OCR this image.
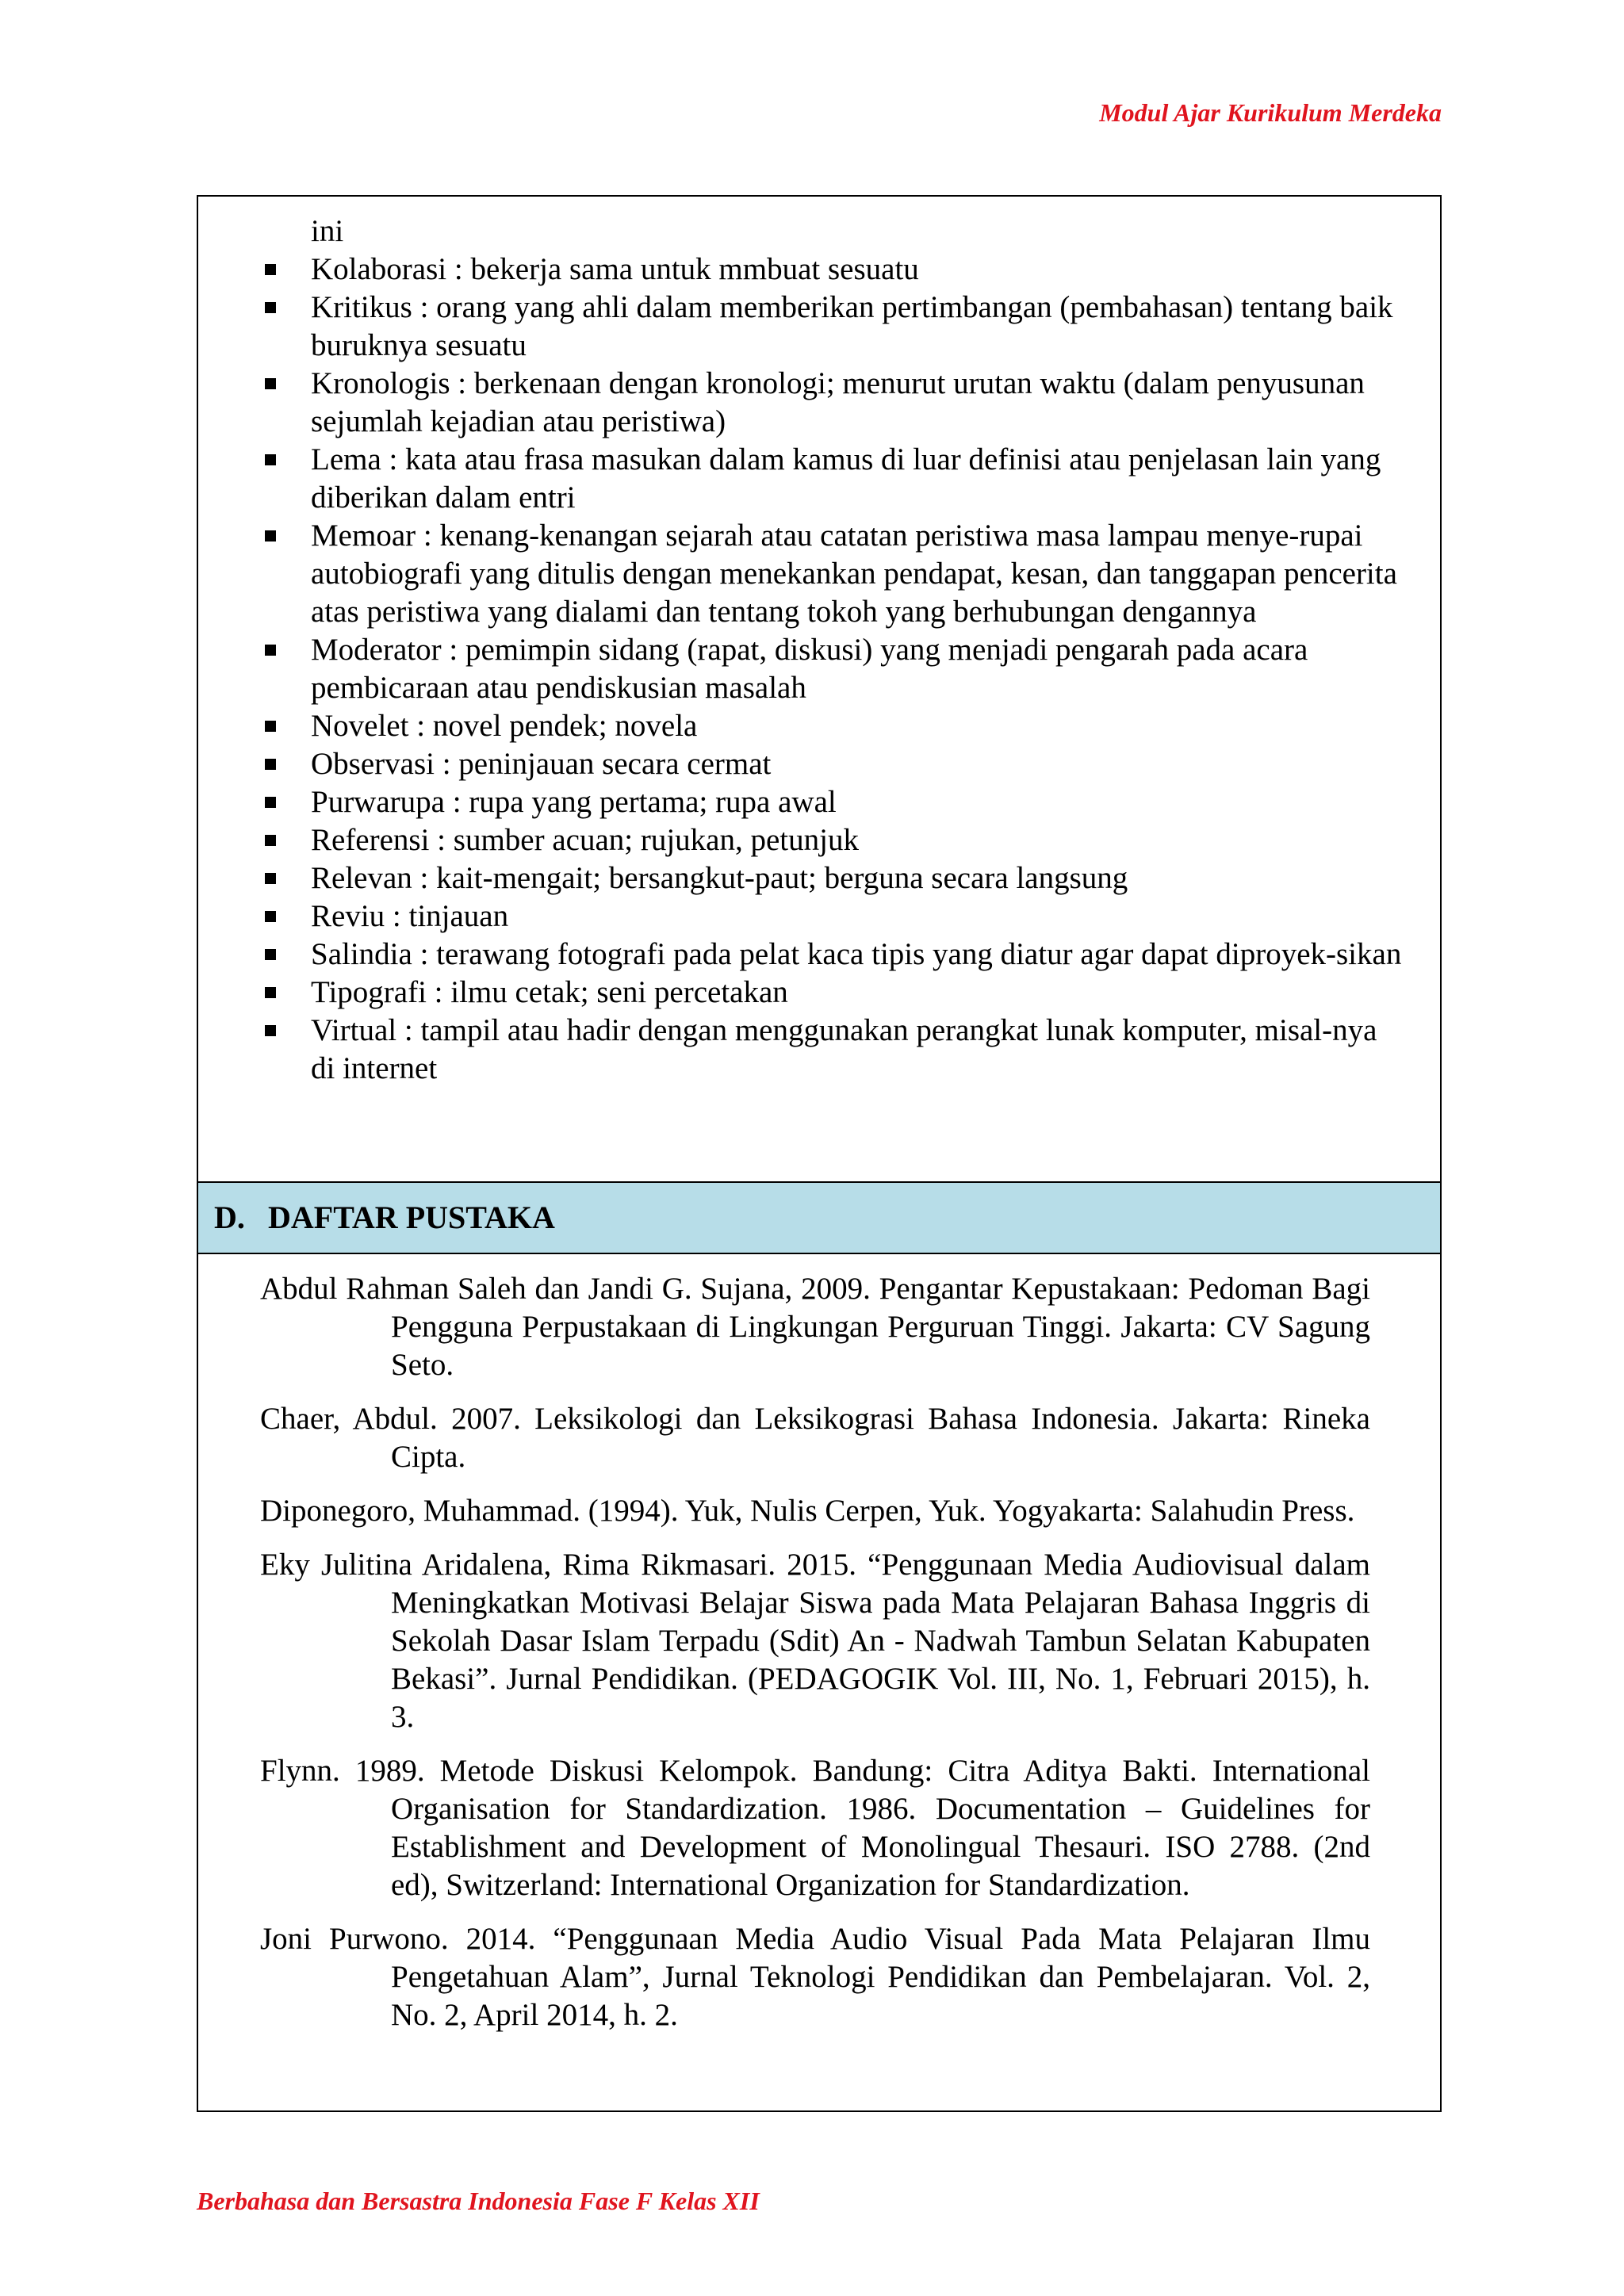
Modul Ajar Kurikulum Merdeka
ini
Kolaborasi : bekerja sama untuk mmbuat sesuatu
Kritikus : orang yang ahli dalam memberikan pertimbangan (pembahasan) tentang baik buruknya sesuatu
Kronologis : berkenaan dengan kronologi; menurut urutan waktu (dalam penyusunan sejumlah kejadian atau peristiwa)
Lema : kata atau frasa masukan dalam kamus di luar definisi atau penjelasan lain yang diberikan dalam entri
Memoar : kenang-kenangan sejarah atau catatan peristiwa masa lampau menye-rupai autobiografi yang ditulis dengan menekankan pendapat, kesan, dan tanggapan pencerita atas peristiwa yang dialami dan tentang tokoh yang berhubungan dengannya
Moderator : pemimpin sidang (rapat, diskusi) yang menjadi pengarah pada acara pembicaraan atau pendiskusian masalah
Novelet : novel pendek; novela
Observasi : peninjauan secara cermat
Purwarupa : rupa yang pertama; rupa awal
Referensi : sumber acuan; rujukan, petunjuk
Relevan : kait-mengait; bersangkut-paut; berguna secara langsung
Reviu : tinjauan
Salindia : terawang fotografi pada pelat kaca tipis yang diatur agar dapat diproyek-sikan
Tipografi : ilmu cetak; seni percetakan
Virtual : tampil atau hadir dengan menggunakan perangkat lunak komputer, misal-nya di internet
D. DAFTAR PUSTAKA

Abdul Rahman Saleh dan Jandi G. Sujana, 2009. Pengantar Kepustakaan: Pedoman Bagi Pengguna Perpustakaan di Lingkungan Perguruan Tinggi. Jakarta: CV Sagung Seto.

Chaer, Abdul. 2007. Leksikologi dan Leksikograsi Bahasa Indonesia. Jakarta: Rineka Cipta.

Diponegoro, Muhammad. (1994). Yuk, Nulis Cerpen, Yuk. Yogyakarta: Salahudin Press.

Eky Julitina Aridalena, Rima Rikmasari. 2015. “Penggunaan Media Audiovisual dalam Meningkatkan Motivasi Belajar Siswa pada Mata Pelajaran Bahasa Inggris di Sekolah Dasar Islam Terpadu (Sdit) An - Nadwah Tambun Selatan Kabupaten Bekasi”. Jurnal Pendidikan. (PEDAGOGIK Vol. III, No. 1, Februari 2015), h. 3.

Flynn. 1989. Metode Diskusi Kelompok. Bandung: Citra Aditya Bakti. International Organisation for Standardization. 1986. Documentation – Guidelines for Establishment and Development of Monolingual Thesauri. ISO 2788. (2nd ed), Switzerland: International Organization for Standardization.

Joni Purwono. 2014. “Penggunaan Media Audio Visual Pada Mata Pelajaran Ilmu Pengetahuan Alam”, Jurnal Teknologi Pendidikan dan Pembelajaran. Vol. 2, No. 2, April 2014, h. 2.

Berbahasa dan Bersastra Indonesia Fase F Kelas XII
